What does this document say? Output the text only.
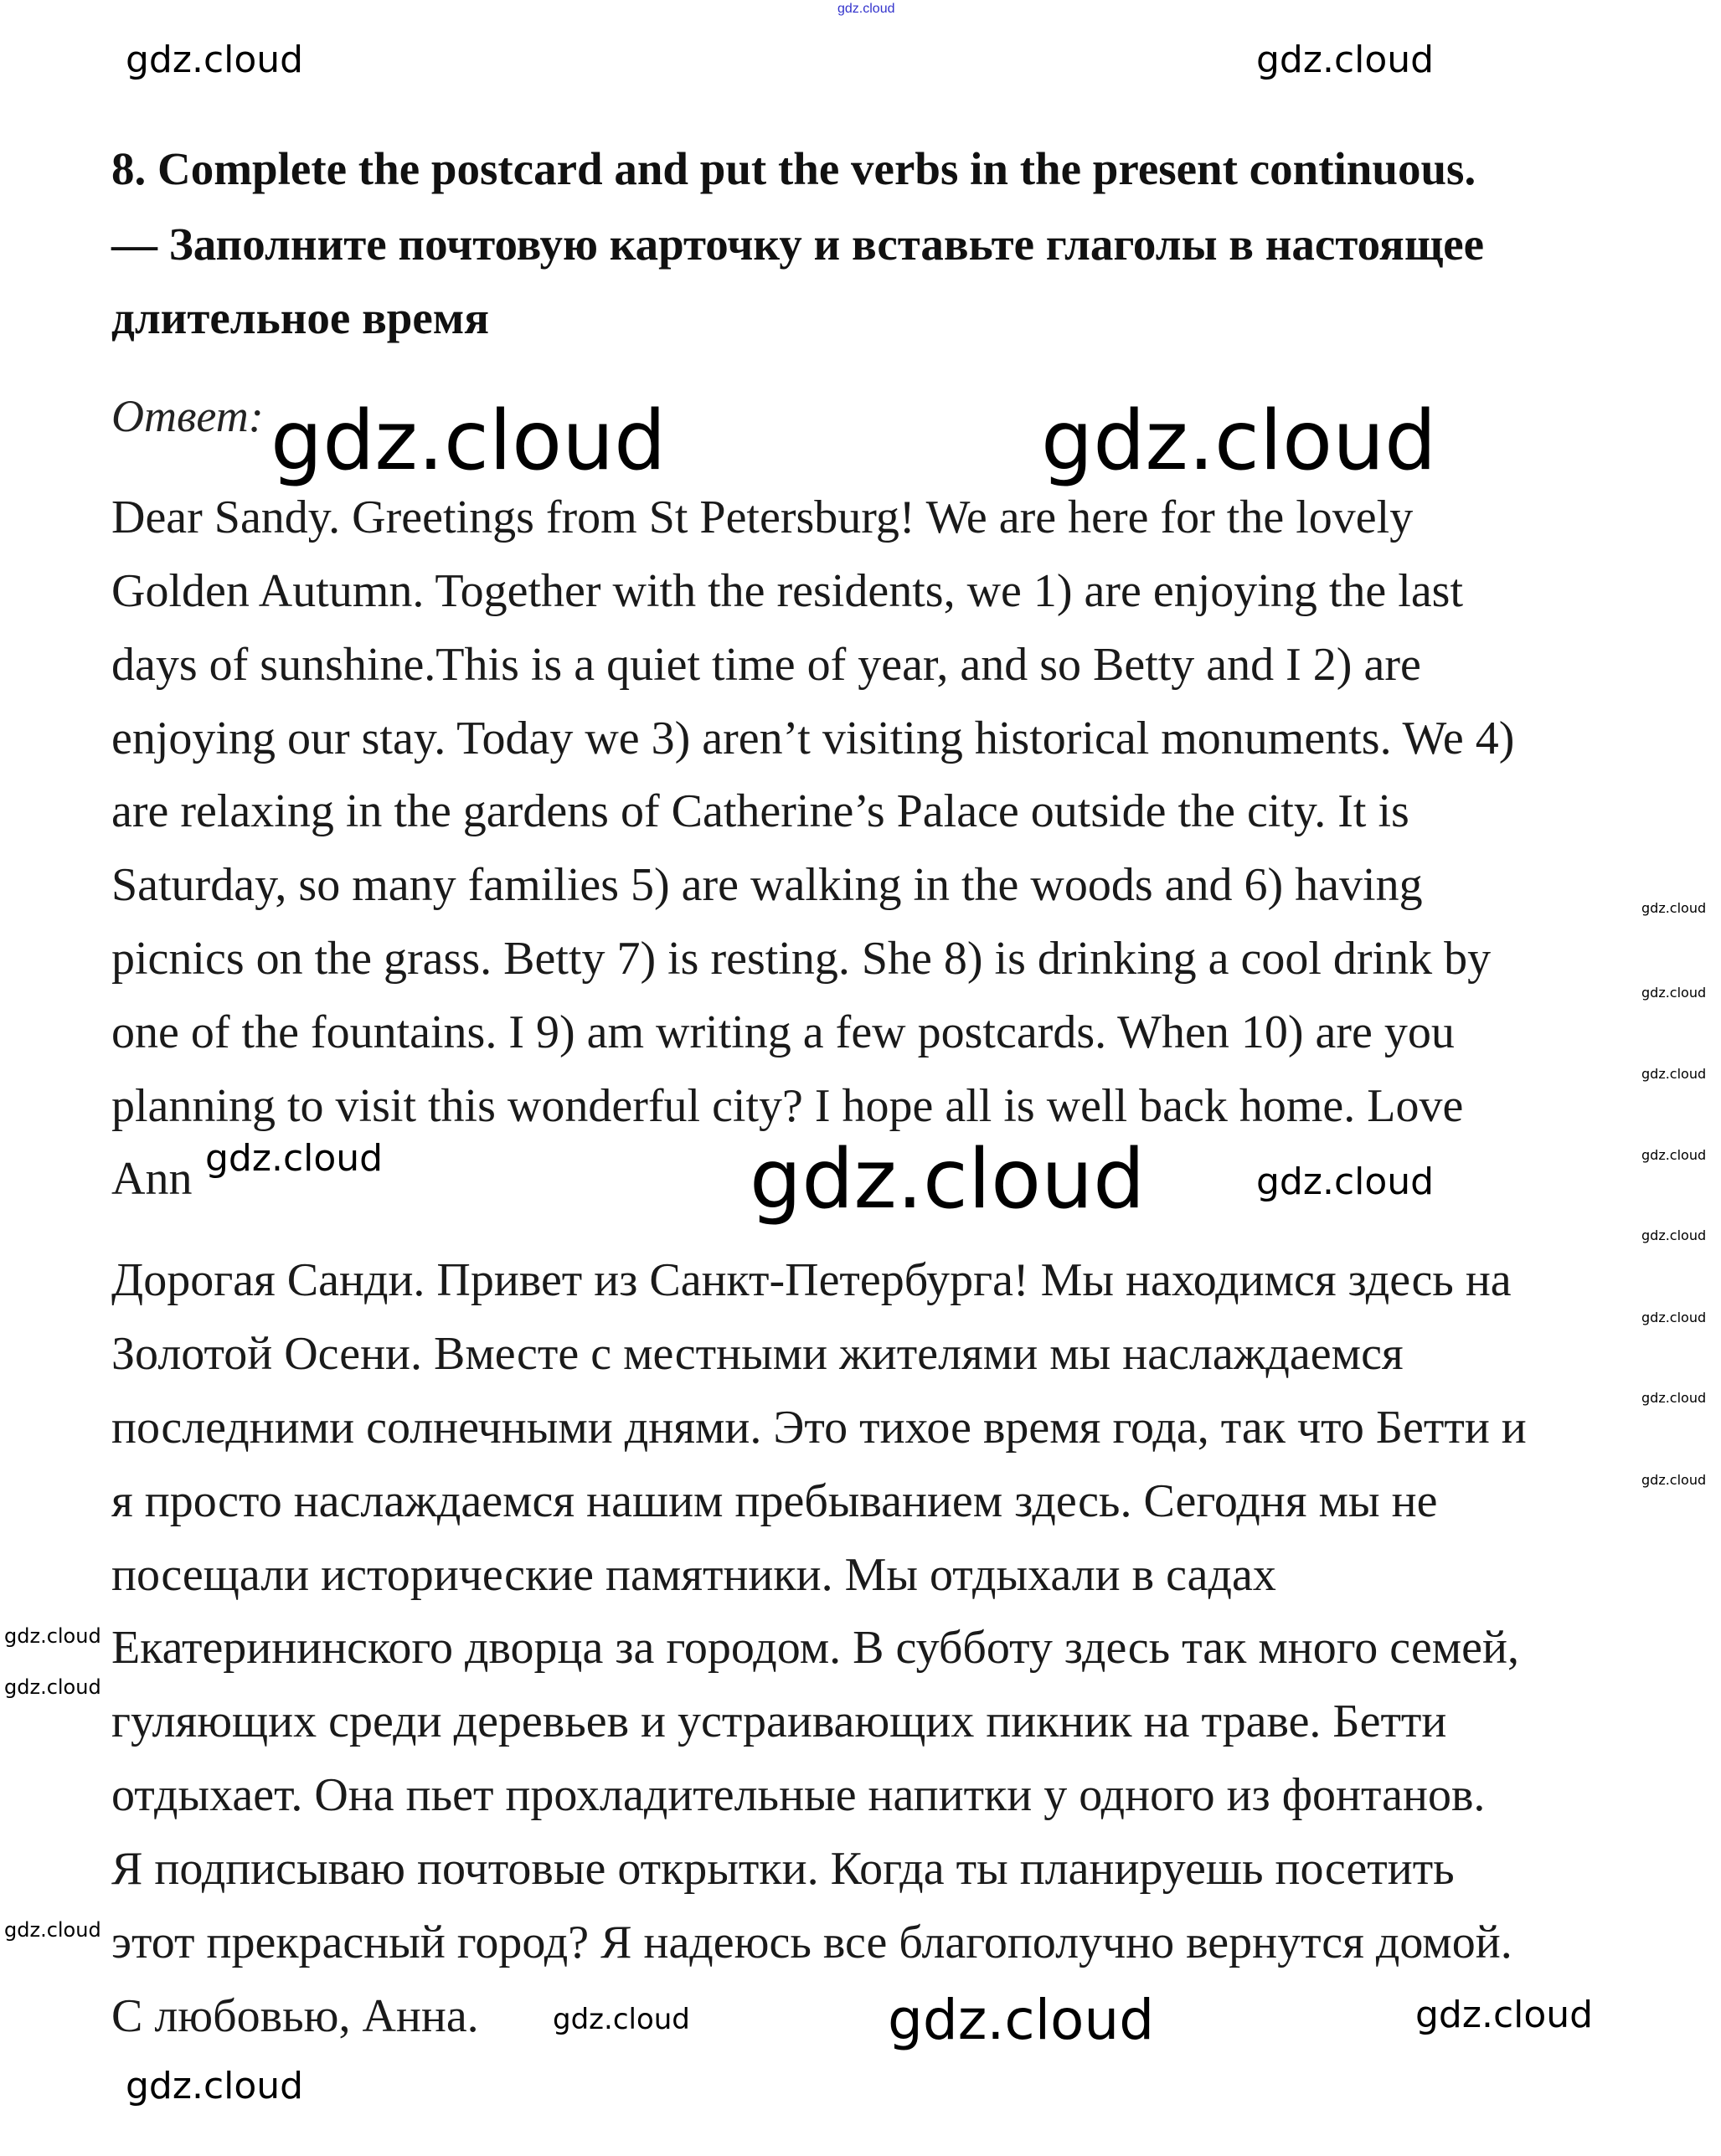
gdz.cloud
8. Complete the postcard and put the verbs in the present continuous.
— Заполните почтовую карточку и вставьте глаголы в настоящее
длительное время
Ответ:
Dear Sandy. Greetings from St Petersburg! We are here for the lovely
Golden Autumn. Together with the residents, we 1) are enjoying the last
days of sunshine.This is a quiet time of year, and so Betty and I 2) are
enjoying our stay. Today we 3) aren’t visiting historical monuments. We 4)
are relaxing in the gardens of Catherine’s Palace outside the city. It is
Saturday, so many families 5) are walking in the woods and 6) having
picnics on the grass. Betty 7) is resting. She 8) is drinking a cool drink by
one of the fountains. I 9) am writing a few postcards. When 10) are you
planning to visit this wonderful city? I hope all is well back home. Love
Ann
Дорогая Санди. Привет из Санкт-Петербурга! Мы находимся здесь на
Золотой Осени. Вместе с местными жителями мы наслаждаемся
последними солнечными днями. Это тихое время года, так что Бетти и
я просто наслаждаемся нашим пребыванием здесь. Сегодня мы не
посещали исторические памятники. Мы отдыхали в садах
Екатерининского дворца за городом. В субботу здесь так много семей,
гуляющих среди деревьев и устраивающих пикник на траве. Бетти
отдыхает. Она пьет прохладительные напитки у одного из фонтанов.
Я подписываю почтовые открытки. Когда ты планируешь посетить
этот прекрасный город? Я надеюсь все благополучно вернутся домой.
С любовью, Анна.
gdz.cloud	gdz.cloud
gdz.cloud
gdz.cloud
gdz.cloud
gdz.cloud
gdz.cloud
gdz.cloud
gdz.cloud	gdz.cloud
gdz.cloud
gdz.cloud
gdz.cloud
gdz.cloud
gdz.cloud
gdz.cloud
gdz.cloud
gdz.cloud
gdz.cloud
gdz.cloud
gdz.cloud
gdz.cloud
